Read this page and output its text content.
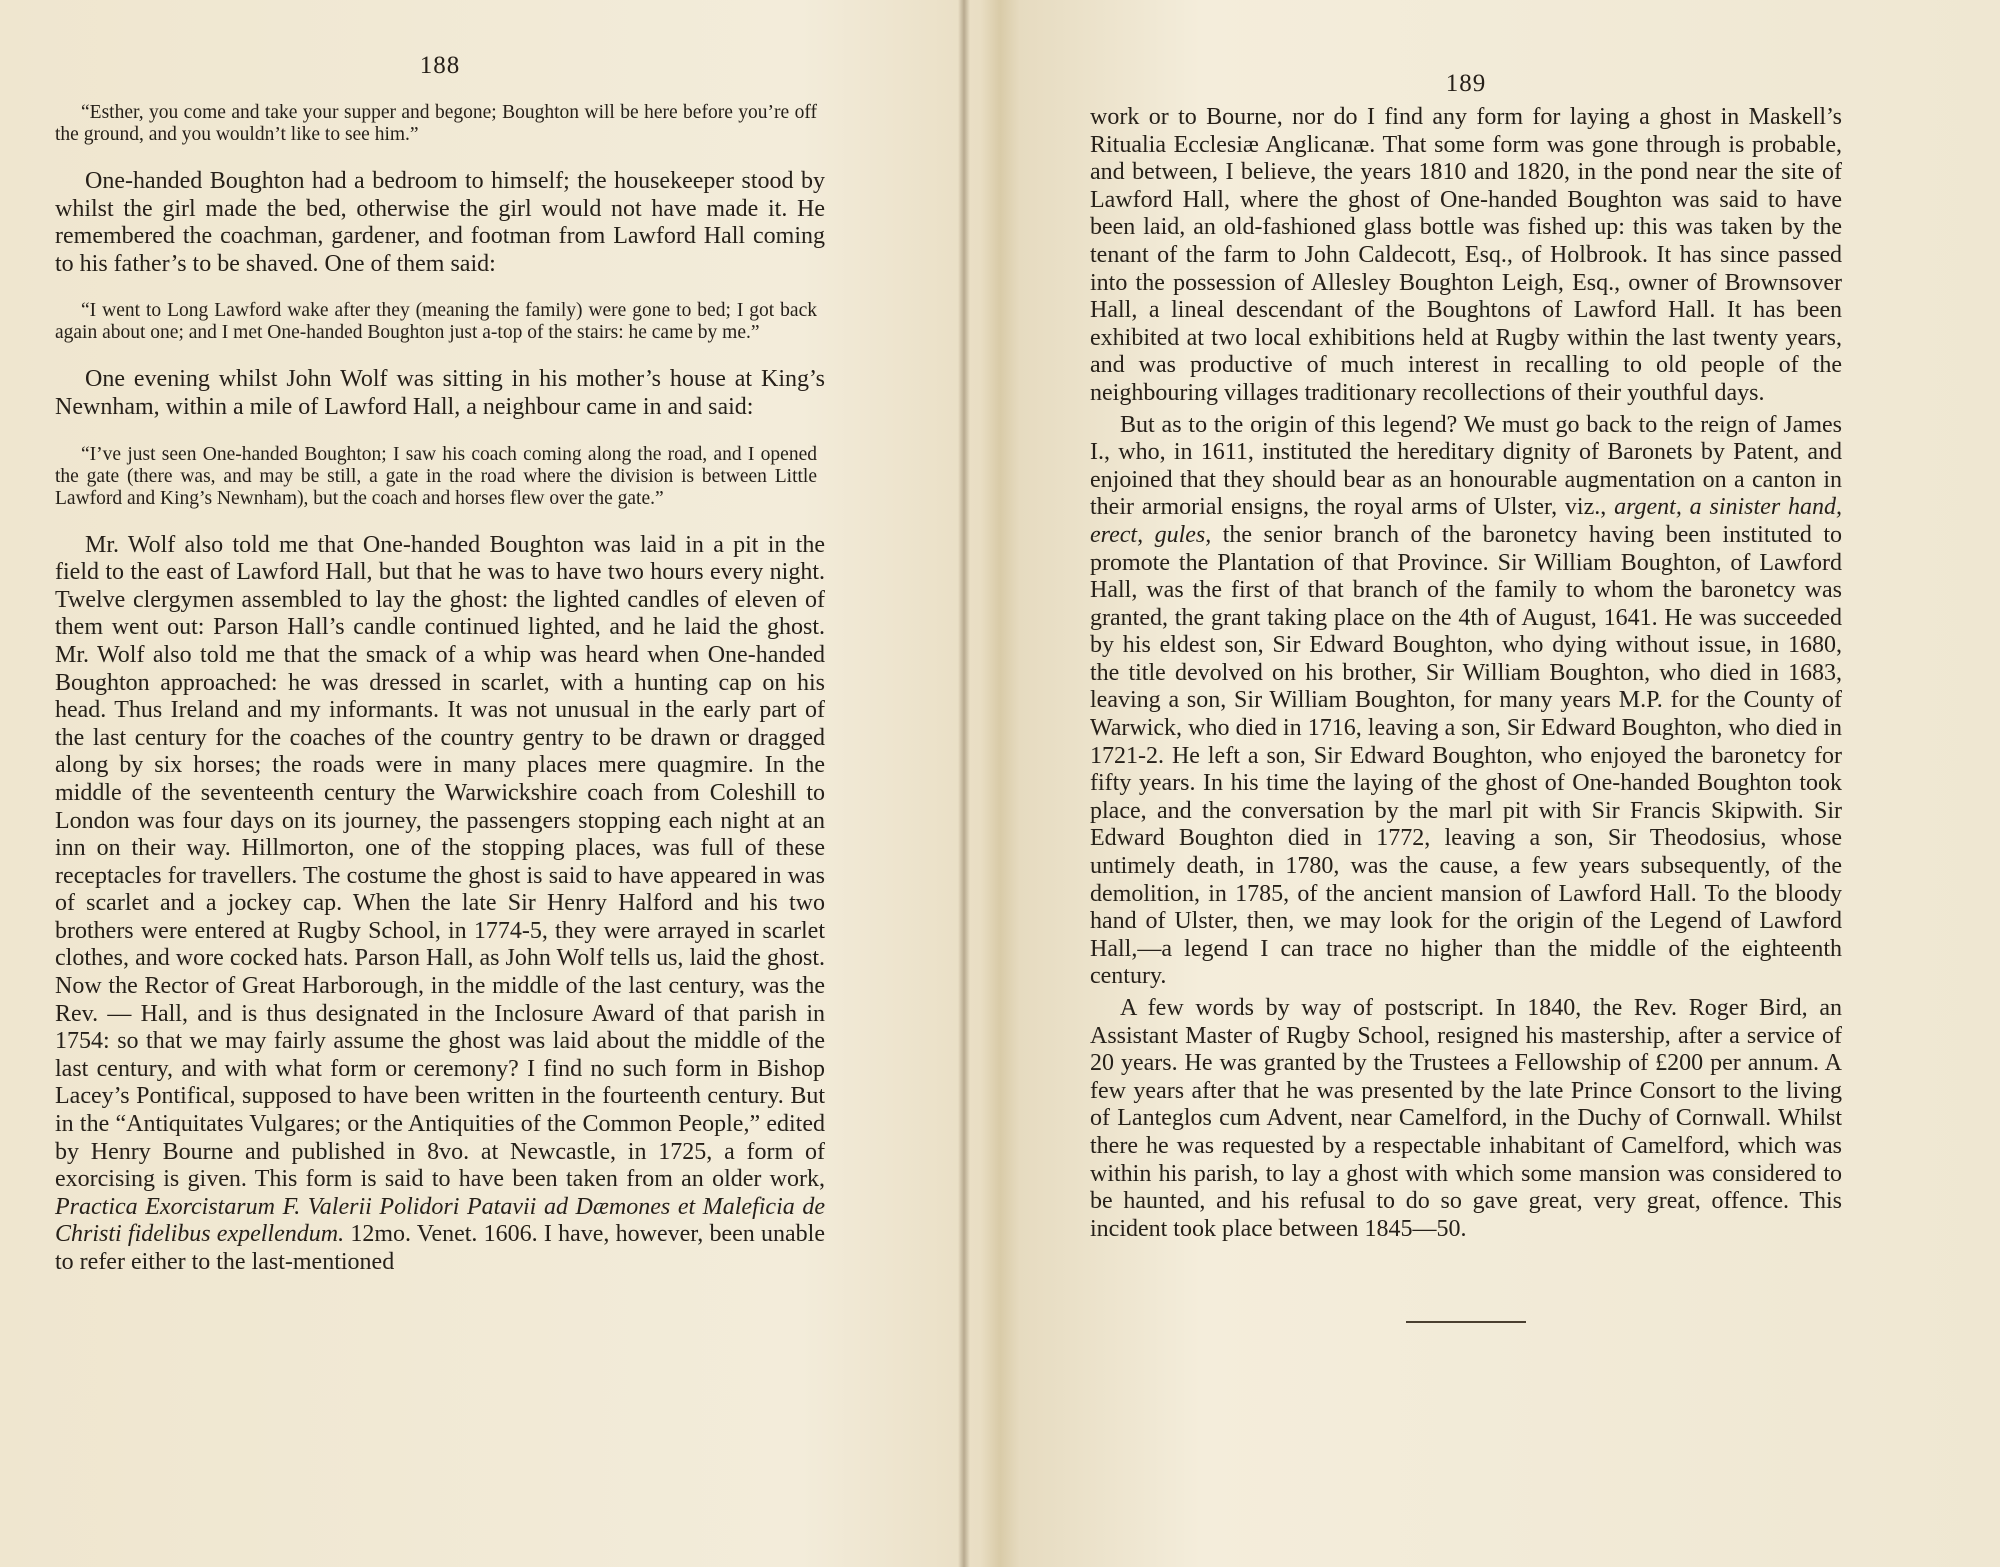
188

“Esther, you come and take your supper and begone; Boughton will be here before you’re off the ground, and you wouldn’t like to see him.”

One-handed Boughton had a bedroom to himself; the housekeeper stood by whilst the girl made the bed, otherwise the girl would not have made it. He remembered the coachman, gardener, and footman from Lawford Hall coming to his father’s to be shaved. One of them said:

“I went to Long Lawford wake after they (meaning the family) were gone to bed; I got back again about one; and I met One-handed Boughton just a-top of the stairs: he came by me.”

One evening whilst John Wolf was sitting in his mother’s house at King’s Newnham, within a mile of Lawford Hall, a neighbour came in and said:

“I’ve just seen One-handed Boughton; I saw his coach coming along the road, and I opened the gate (there was, and may be still, a gate in the road where the division is between Little Lawford and King’s Newnham), but the coach and horses flew over the gate.”

Mr. Wolf also told me that One-handed Boughton was laid in a pit in the field to the east of Lawford Hall, but that he was to have two hours every night. Twelve clergymen assembled to lay the ghost: the lighted candles of eleven of them went out: Parson Hall’s candle continued lighted, and he laid the ghost. Mr. Wolf also told me that the smack of a whip was heard when One-handed Boughton approached: he was dressed in scarlet, with a hunting cap on his head. Thus Ireland and my informants. It was not unusual in the early part of the last century for the coaches of the country gentry to be drawn or dragged along by six horses; the roads were in many places mere quagmire. In the middle of the seventeenth century the Warwickshire coach from Coleshill to London was four days on its journey, the passengers stopping each night at an inn on their way. Hillmorton, one of the stopping places, was full of these receptacles for travellers. The costume the ghost is said to have appeared in was of scarlet and a jockey cap. When the late Sir Henry Halford and his two brothers were entered at Rugby School, in 1774-5, they were arrayed in scarlet clothes, and wore cocked hats. Parson Hall, as John Wolf tells us, laid the ghost. Now the Rector of Great Harborough, in the middle of the last century, was the Rev. — Hall, and is thus designated in the Inclosure Award of that parish in 1754: so that we may fairly assume the ghost was laid about the middle of the last century, and with what form or ceremony? I find no such form in Bishop Lacey’s Pontifical, supposed to have been written in the fourteenth century. But in the “Antiquitates Vulgares; or the Antiquities of the Common People,” edited by Henry Bourne and published in 8vo. at Newcastle, in 1725, a form of exorcising is given. This form is said to have been taken from an older work, Practica Exorcistarum F. Valerii Polidori Patavii ad Dæmones et Maleficia de Christi fidelibus expellendum. 12mo. Venet. 1606. I have, however, been unable to refer either to the last-mentioned

189

work or to Bourne, nor do I find any form for laying a ghost in Maskell’s Ritualia Ecclesiæ Anglicanæ. That some form was gone through is probable, and between, I believe, the years 1810 and 1820, in the pond near the site of Lawford Hall, where the ghost of One-handed Boughton was said to have been laid, an old-fashioned glass bottle was fished up: this was taken by the tenant of the farm to John Caldecott, Esq., of Holbrook. It has since passed into the possession of Allesley Boughton Leigh, Esq., owner of Brownsover Hall, a lineal descendant of the Boughtons of Lawford Hall. It has been exhibited at two local exhibitions held at Rugby within the last twenty years, and was productive of much interest in recalling to old people of the neighbouring villages traditionary recollections of their youthful days.

But as to the origin of this legend? We must go back to the reign of James I., who, in 1611, instituted the hereditary dignity of Baronets by Patent, and enjoined that they should bear as an honourable augmentation on a canton in their armorial ensigns, the royal arms of Ulster, viz., argent, a sinister hand, erect, gules, the senior branch of the baronetcy having been instituted to promote the Plantation of that Province. Sir William Boughton, of Lawford Hall, was the first of that branch of the family to whom the baronetcy was granted, the grant taking place on the 4th of August, 1641. He was succeeded by his eldest son, Sir Edward Boughton, who dying without issue, in 1680, the title devolved on his brother, Sir William Boughton, who died in 1683, leaving a son, Sir William Boughton, for many years M.P. for the County of Warwick, who died in 1716, leaving a son, Sir Edward Boughton, who died in 1721-2. He left a son, Sir Edward Boughton, who enjoyed the baronetcy for fifty years. In his time the laying of the ghost of One-handed Boughton took place, and the conversation by the marl pit with Sir Francis Skipwith. Sir Edward Boughton died in 1772, leaving a son, Sir Theodosius, whose untimely death, in 1780, was the cause, a few years subsequently, of the demolition, in 1785, of the ancient mansion of Lawford Hall. To the bloody hand of Ulster, then, we may look for the origin of the Legend of Lawford Hall,—a legend I can trace no higher than the middle of the eighteenth century.

A few words by way of postscript. In 1840, the Rev. Roger Bird, an Assistant Master of Rugby School, resigned his mastership, after a service of 20 years. He was granted by the Trustees a Fellowship of £200 per annum. A few years after that he was presented by the late Prince Consort to the living of Lanteglos cum Advent, near Camelford, in the Duchy of Cornwall. Whilst there he was requested by a respectable inhabitant of Camelford, which was within his parish, to lay a ghost with which some mansion was considered to be haunted, and his refusal to do so gave great, very great, offence. This incident took place between 1845—50.
